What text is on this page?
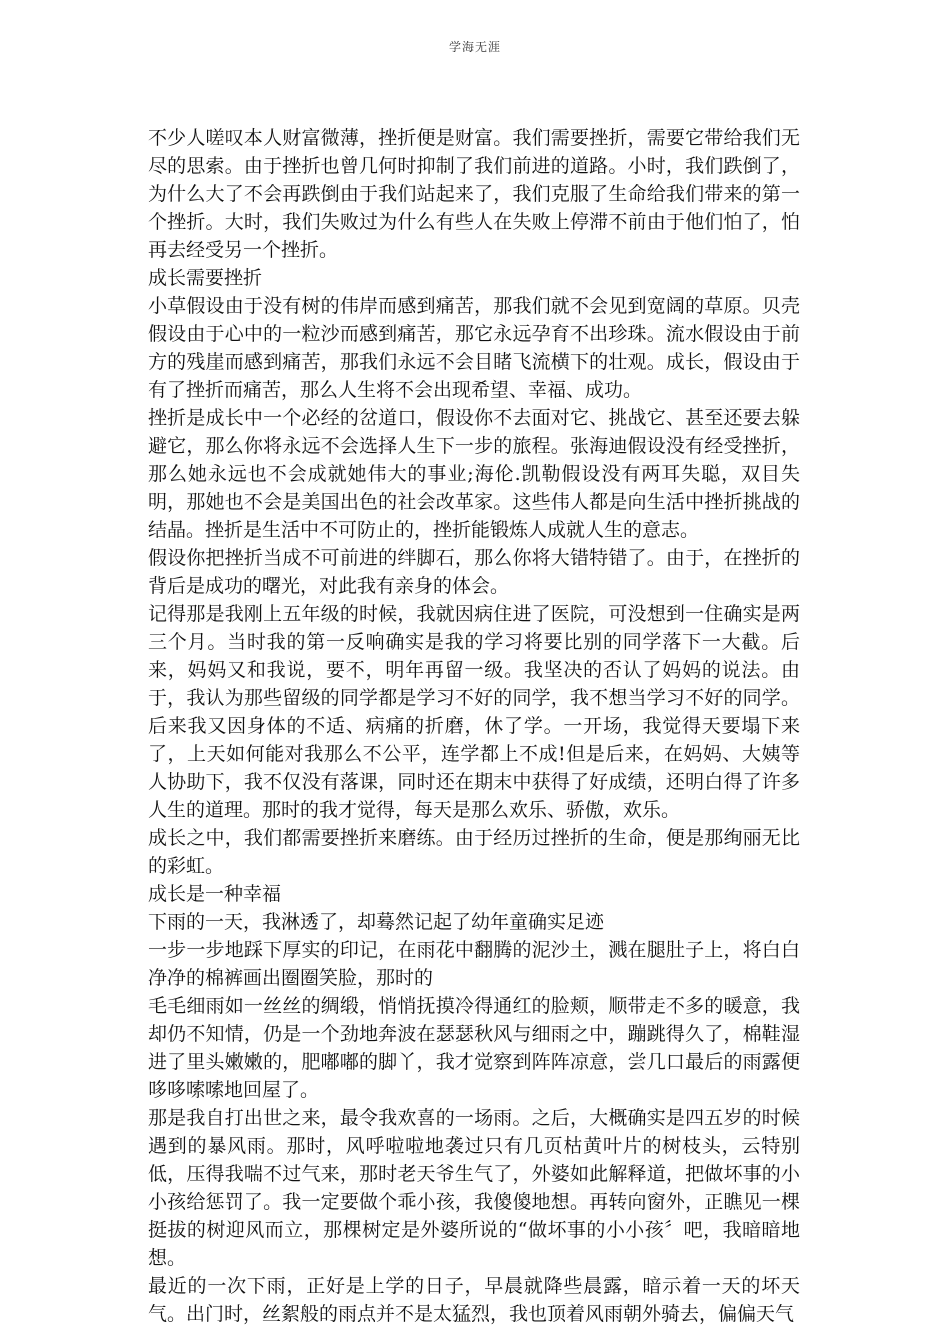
学海无涯

不少人嗟叹本人财富微薄，挫折便是财富。我们需要挫折，需要它带给我们无尽的思索。由于挫折也曾几何时抑制了我们前进的道路。小时，我们跌倒了，为什么大了不会再跌倒由于我们站起来了，我们克服了生命给我们带来的第一个挫折。大时，我们失败过为什么有些人在失败上停滞不前由于他们怕了，怕再去经受另一个挫折。

成长需要挫折

小草假设由于没有树的伟岸而感到痛苦，那我们就不会见到宽阔的草原。贝壳假设由于心中的一粒沙而感到痛苦，那它永远孕育不出珍珠。流水假设由于前方的残崖而感到痛苦，那我们永远不会目睹飞流横下的壮观。成长，假设由于有了挫折而痛苦，那么人生将不会出现希望、幸福、成功。

挫折是成长中一个必经的岔道口，假设你不去面对它、挑战它、甚至还要去躲避它，那么你将永远不会选择人生下一步的旅程。张海迪假设没有经受挫折，那么她永远也不会成就她伟大的事业;海伦.凯勒假设没有两耳失聪，双目失明，那她也不会是美国出色的社会改革家。这些伟人都是向生活中挫折挑战的结晶。挫折是生活中不可防止的，挫折能锻炼人成就人生的意志。

假设你把挫折当成不可前进的绊脚石，那么你将大错特错了。由于，在挫折的背后是成功的曙光，对此我有亲身的体会。

记得那是我刚上五年级的时候，我就因病住进了医院，可没想到一住确实是两三个月。当时我的第一反响确实是我的学习将要比别的同学落下一大截。后来，妈妈又和我说，要不，明年再留一级。我坚决的否认了妈妈的说法。由于，我认为那些留级的同学都是学习不好的同学，我不想当学习不好的同学。后来我又因身体的不适、病痛的折磨，休了学。一开场，我觉得天要塌下来了，上天如何能对我那么不公平，连学都上不成!但是后来，在妈妈、大姨等人协助下，我不仅没有落课，同时还在期末中获得了好成绩，还明白得了许多人生的道理。那时的我才觉得，每天是那么欢乐、骄傲，欢乐。

成长之中，我们都需要挫折来磨练。由于经历过挫折的生命，便是那绚丽无比的彩虹。

成长是一种幸福

下雨的一天，我淋透了，却蓦然记起了幼年童确实足迹

一步一步地踩下厚实的印记，在雨花中翻腾的泥沙土，溅在腿肚子上，将白白净净的棉裤画出圈圈笑脸，那时的

毛毛细雨如一丝丝的绸缎，悄悄抚摸冷得通红的脸颊，顺带走不多的暖意，我却仍不知情，仍是一个劲地奔波在瑟瑟秋风与细雨之中，蹦跳得久了，棉鞋湿进了里头嫩嫩的，肥嘟嘟的脚丫，我才觉察到阵阵凉意，尝几口最后的雨露便哆哆嗦嗦地回屋了。

那是我自打出世之来，最令我欢喜的一场雨。之后，大概确实是四五岁的时候遇到的暴风雨。那时，风呼啦啦地袭过只有几页枯黄叶片的树枝头，云特别低，压得我喘不过气来，那时老天爷生气了，外婆如此解释道，把做坏事的小小孩给惩罚了。我一定要做个乖小孩，我傻傻地想。再转向窗外，正瞧见一棵挺拔的树迎风而立，那棵树定是外婆所说的“做坏事的小小孩〞吧，我暗暗地想。

最近的一次下雨，正好是上学的日子，早晨就降些晨露，暗示着一天的坏天气。出门时，丝絮般的雨点并不是太猛烈，我也顶着风雨朝外骑去，偏偏天气
